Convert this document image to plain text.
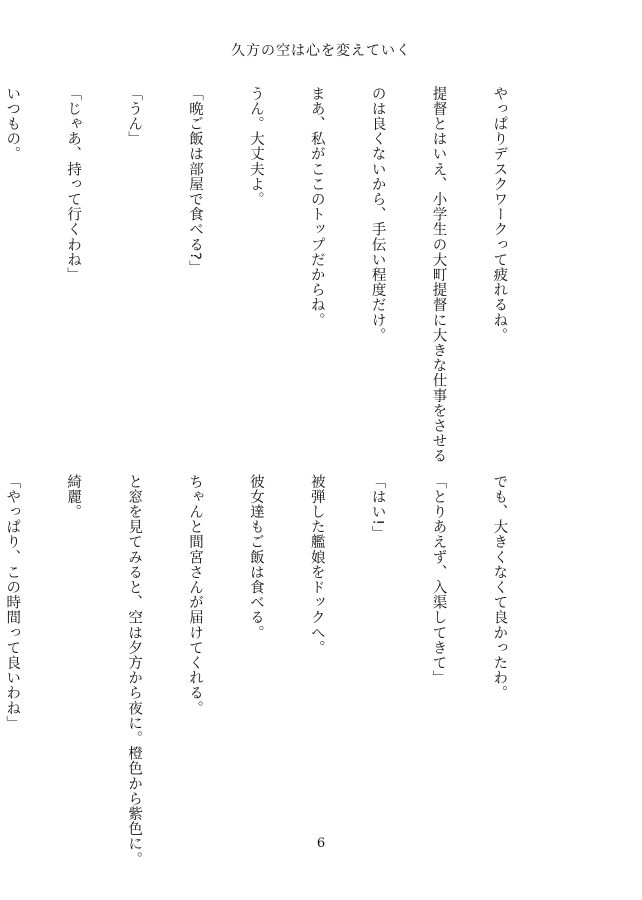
久方の空は心を変えていく

やっぱりデスクワークって疲れるね。

提督とはいえ、小学生の大町提督に大きな仕事をさせる

のは良くないから、手伝い程度だけ。

まあ、私がここのトップだからね。

うん。大丈夫よ。

「晩ご飯は部屋で食べる?」

「うん」

「じゃあ、持って行くわね」

いつもの。

でも、大きくなくて良かったわ。

「とりあえず、入渠してきて」

「はい!」

被弾した艦娘をドックへ。

彼女達もご飯は食べる。

ちゃんと間宮さんが届けてくれる。

と窓を見てみると、空は夕方から夜に。橙色から紫色に。

綺麗。

「やっぱり、この時間って良いわね」

6
